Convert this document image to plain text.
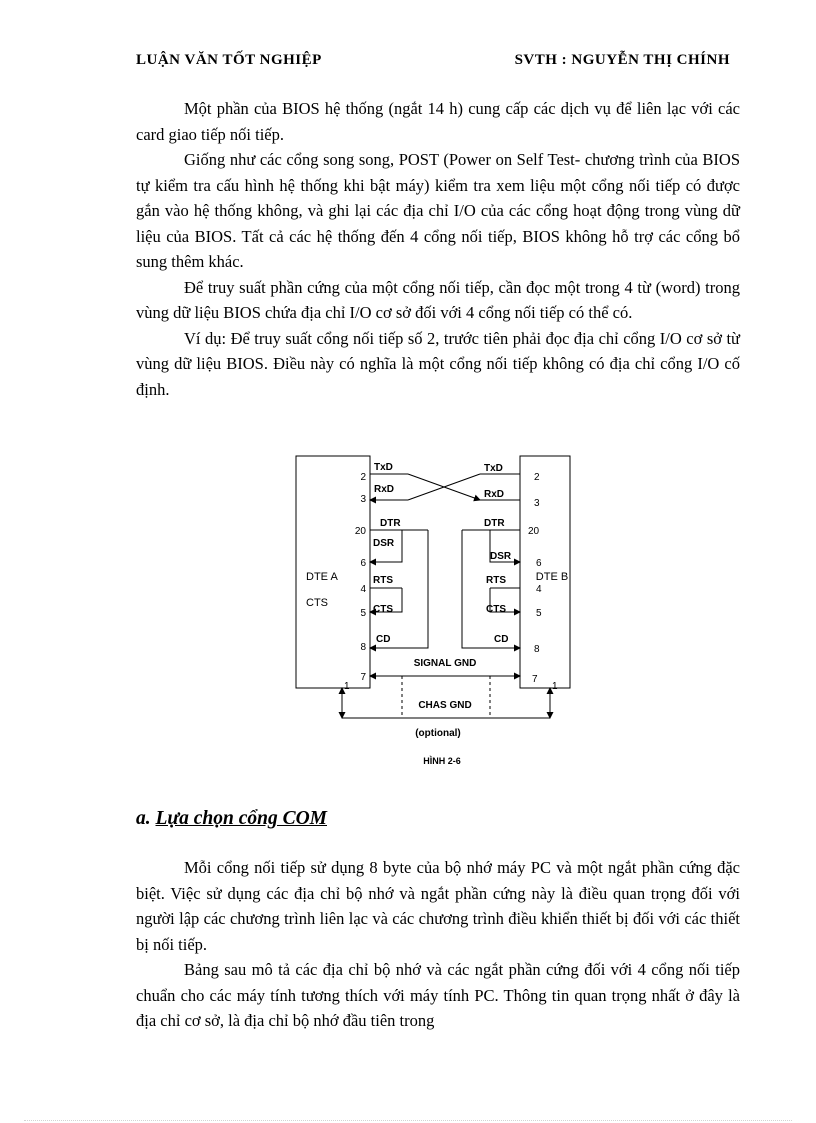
LUẬN VĂN TỐT NGHIỆP	SVTH : NGUYỄN THỊ CHÍNH

Một phần của BIOS hệ thống (ngắt 14 h) cung cấp các dịch vụ để liên lạc với các card giao tiếp nối tiếp.

Giống như các cổng song song, POST (Power on Self Test- chương trình của BIOS tự kiểm tra cấu hình hệ thống khi bật máy) kiểm tra xem liệu một cổng nối tiếp có được gắn vào hệ thống không, và ghi lại các địa chỉ I/O của các cổng hoạt động trong vùng dữ liệu của BIOS. Tất cả các hệ thống đến 4 cổng nối tiếp, BIOS không hỗ trợ các cổng bổ sung thêm khác.

Để truy suất phần cứng của một cổng nối tiếp, cần đọc một trong 4 từ (word) trong vùng dữ liệu BIOS chứa địa chỉ I/O cơ sở đối với 4 cổng nối tiếp có thể có.

Ví dụ: Để truy suất cổng nối tiếp số 2, trước tiên phải đọc địa chỉ cổng I/O cơ sở từ vùng dữ liệu BIOS. Điều này có nghĩa là một cổng nối tiếp không có địa chỉ cổng I/O cố định.

DTE A
CTS
DTE B
TxD
RxD
TxD
RxD
2
3
20
6
4
5
8
7
1
2
3
20
6
4
5
8
7
1
DTR
DSR
RTS
CTS
CD
DTR
DSR
RTS
CTS
CD
SIGNAL GND
CHAS GND
(optional)
HÌNH 2-6
a. Lựa chọn cổng COM

Mỗi cổng nối tiếp sử dụng 8 byte của bộ nhớ máy PC và một ngắt phần cứng đặc biệt. Việc sử dụng các địa chỉ bộ nhớ và ngắt phần cứng này là điều quan trọng đối với người lập các chương trình liên lạc và các chương trình điều khiển thiết bị đối với các thiết bị nối tiếp.

Bảng sau mô tả các địa chỉ bộ nhớ và các ngắt phần cứng đối với 4 cổng nối tiếp chuẩn cho các máy tính tương thích với máy tính PC. Thông tin quan trọng nhất ở đây là địa chỉ cơ sở, là địa chỉ bộ nhớ đầu tiên trong
